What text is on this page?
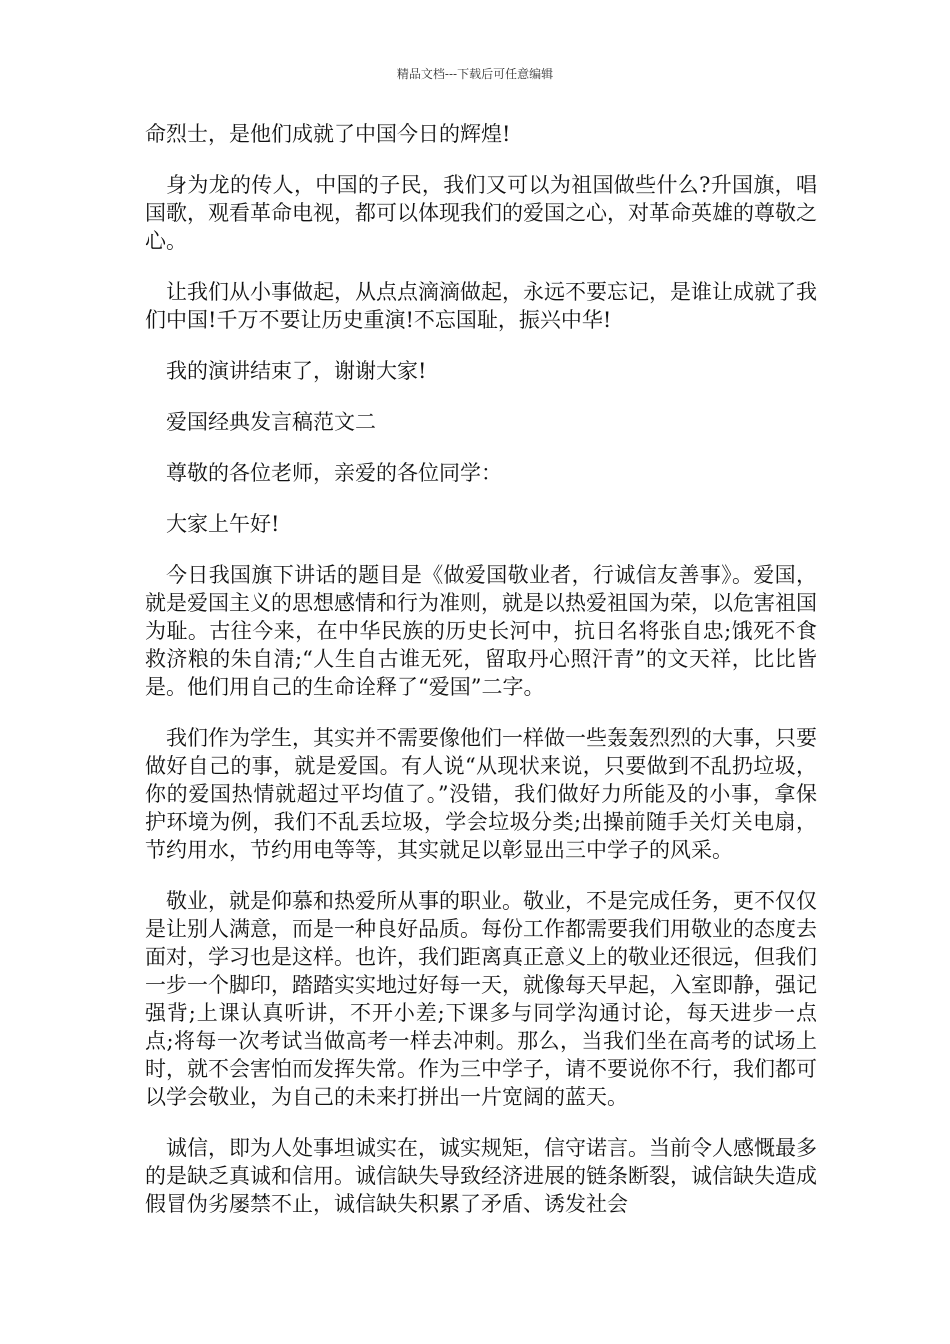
精品文档---下载后可任意编辑

命烈士，是他们成就了中国今日的辉煌!

身为龙的传人，中国的子民，我们又可以为祖国做些什么?升国旗，唱国歌，观看革命电视，都可以体现我们的爱国之心，对革命英雄的尊敬之心。

让我们从小事做起，从点点滴滴做起，永远不要忘记，是谁让成就了我们中国!千万不要让历史重演!不忘国耻，振兴中华!

我的演讲结束了，谢谢大家!

爱国经典发言稿范文二

尊敬的各位老师，亲爱的各位同学：

大家上午好!

今日我国旗下讲话的题目是《做爱国敬业者，行诚信友善事》。爱国，就是爱国主义的思想感情和行为准则，就是以热爱祖国为荣，以危害祖国为耻。古往今来，在中华民族的历史长河中，抗日名将张自忠;饿死不食救济粮的朱自清;“人生自古谁无死，留取丹心照汗青”的文天祥，比比皆是。他们用自己的生命诠释了“爱国”二字。

我们作为学生，其实并不需要像他们一样做一些轰轰烈烈的大事，只要做好自己的事，就是爱国。有人说“从现状来说，只要做到不乱扔垃圾，你的爱国热情就超过平均值了。”没错，我们做好力所能及的小事，拿保护环境为例，我们不乱丢垃圾，学会垃圾分类;出操前随手关灯关电扇，节约用水，节约用电等等，其实就足以彰显出三中学子的风采。

敬业，就是仰慕和热爱所从事的职业。敬业，不是完成任务，更不仅仅是让别人满意，而是一种良好品质。每份工作都需要我们用敬业的态度去面对，学习也是这样。也许，我们距离真正意义上的敬业还很远，但我们一步一个脚印，踏踏实实地过好每一天，就像每天早起，入室即静，强记强背;上课认真听讲，不开小差;下课多与同学沟通讨论，每天进步一点点;将每一次考试当做高考一样去冲刺。那么，当我们坐在高考的试场上时，就不会害怕而发挥失常。作为三中学子，请不要说你不行，我们都可以学会敬业，为自己的未来打拼出一片宽阔的蓝天。

诚信，即为人处事坦诚实在，诚实规矩，信守诺言。当前令人感慨最多的是缺乏真诚和信用。诚信缺失导致经济进展的链条断裂，诚信缺失造成假冒伪劣屡禁不止，诚信缺失积累了矛盾、诱发社会
